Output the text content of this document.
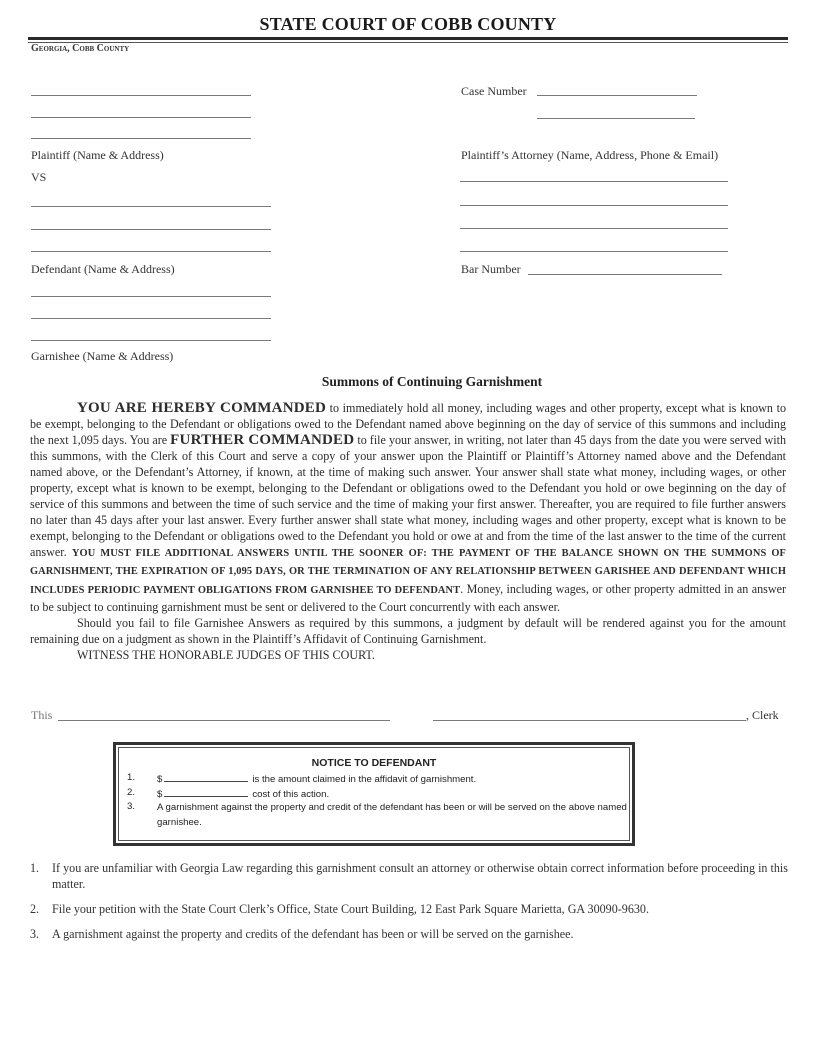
STATE COURT OF COBB COUNTY
Georgia, Cobb County
Plaintiff (Name & Address)
VS
Case Number
Plaintiff’s Attorney (Name, Address, Phone & Email)
Defendant (Name & Address)	Bar Number
Garnishee (Name & Address)
Summons of Continuing Garnishment

YOU ARE HEREBY COMMANDED to immediately hold all money, including wages and other property, except what is known to be exempt, belonging to the Defendant or obligations owed to the Defendant named above beginning on the day of service of this summons and including the next 1,095 days. You are FURTHER COMMANDED to file your answer, in writing, not later than 45 days from the date you were served with this summons, with the Clerk of this Court and serve a copy of your answer upon the Plaintiff or Plaintiff’s Attorney named above and the Defendant named above, or the Defendant’s Attorney, if known, at the time of making such answer. Your answer shall state what money, including wages, or other property, except what is known to be exempt, belonging to the Defendant or obligations owed to the Defendant you hold or owe beginning on the day of service of this summons and between the time of such service and the time of making your first answer. Thereafter, you are required to file further answers no later than 45 days after your last answer. Every further answer shall state what money, including wages and other property, except what is known to be exempt, belonging to the Defendant or obligations owed to the Defendant you hold or owe at and from the time of the last answer to the time of the current answer. YOU MUST FILE ADDITIONAL ANSWERS UNTIL THE SOONER OF: THE PAYMENT OF THE BALANCE SHOWN ON THE SUMMONS OF GARNISHMENT, THE EXPIRATION OF 1,095 DAYS, OR THE TERMINATION OF ANY RELATIONSHIP BETWEEN GARISHEE AND DEFENDANT WHICH INCLUDES PERIODIC PAYMENT OBLIGATIONS FROM GARNISHEE TO DEFENDANT. Money, including wages, or other property admitted in an answer to be subject to continuing garnishment must be sent or delivered to the Court concurrently with each answer.

Should you fail to file Garnishee Answers as required by this summons, a judgment by default will be rendered against you for the amount remaining due on a judgment as shown in the Plaintiff’s Affidavit of Continuing Garnishment.

WITNESS THE HONORABLE JUDGES OF THIS COURT.

This	, Clerk
NOTICE TO DEFENDANT
1.	$	is the amount claimed in the affidavit of garnishment.
2.	$	cost of this action.
3.	A garnishment against the property and credit of the defendant has been or will be served on the above named garnishee.
1. If you are unfamiliar with Georgia Law regarding this garnishment consult an attorney or otherwise obtain correct information before proceeding in this matter.
2. File your petition with the State Court Clerk’s Office, State Court Building, 12 East Park Square Marietta, GA 30090-9630.
3. A garnishment against the property and credits of the defendant has been or will be served on the garnishee.
